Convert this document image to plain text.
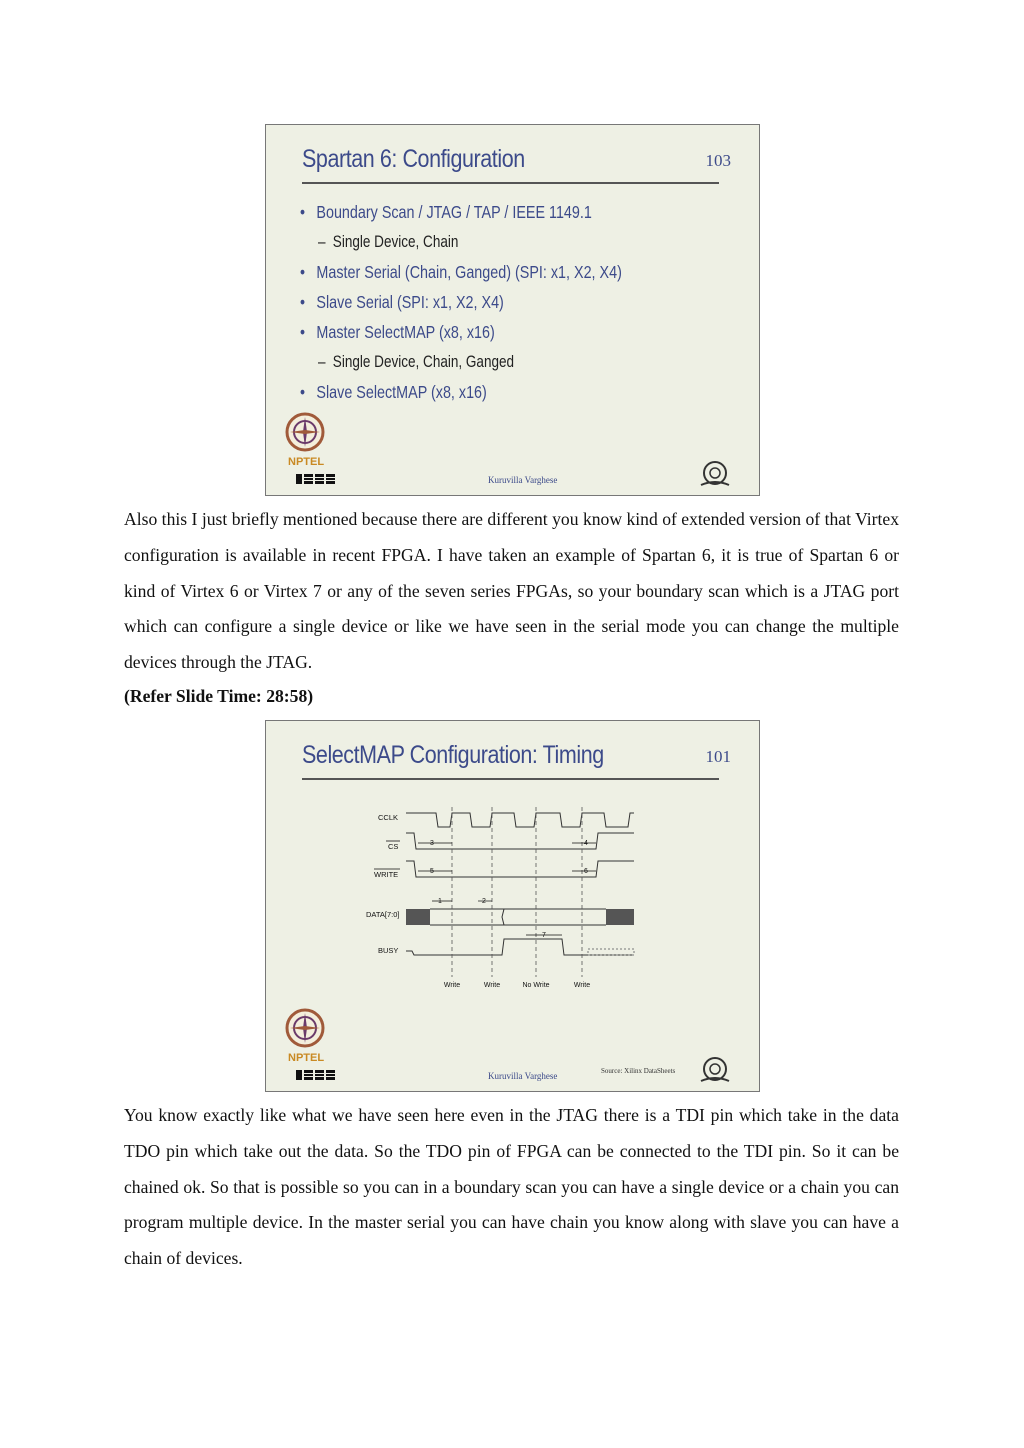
Spartan 6: Configuration	103
• Boundary Scan / JTAG / TAP / IEEE 1149.1
– Single Device, Chain
• Master Serial (Chain, Ganged) (SPI: x1, X2, X4)
• Slave Serial (SPI: x1, X2, X4)
• Master SelectMAP (x8, x16)
– Single Device, Chain, Ganged
• Slave SelectMAP (x8, x16)
NPTEL
Kuruvilla Varghese

Also this I just briefly mentioned because there are different you know kind of extended version of that Virtex configuration is available in recent FPGA. I have taken an example of Spartan 6, it is true of Spartan 6 or kind of Virtex 6 or Virtex 7 or any of the seven series FPGAs, so your boundary scan which is a JTAG port which can configure a single device or like we have seen in the serial mode you can change the multiple devices through the JTAG.

(Refer Slide Time: 28:58)

SelectMAP Configuration: Timing	101
CCLK
CS
WRITE
DATA[7:0]
BUSY
3
5
1	2
4
6
7
Write	Write	No Write	Write
NPTEL
Kuruvilla Varghese	Source: Xilinx DataSheets

You know exactly like what we have seen here even in the JTAG there is a TDI pin which take in the data TDO pin which take out the data. So the TDO pin of FPGA can be connected to the TDI pin. So it can be chained ok. So that is possible so you can in a boundary scan you can have a single device or a chain you can program multiple device. In the master serial you can have chain you know along with slave you can have a chain of devices.
